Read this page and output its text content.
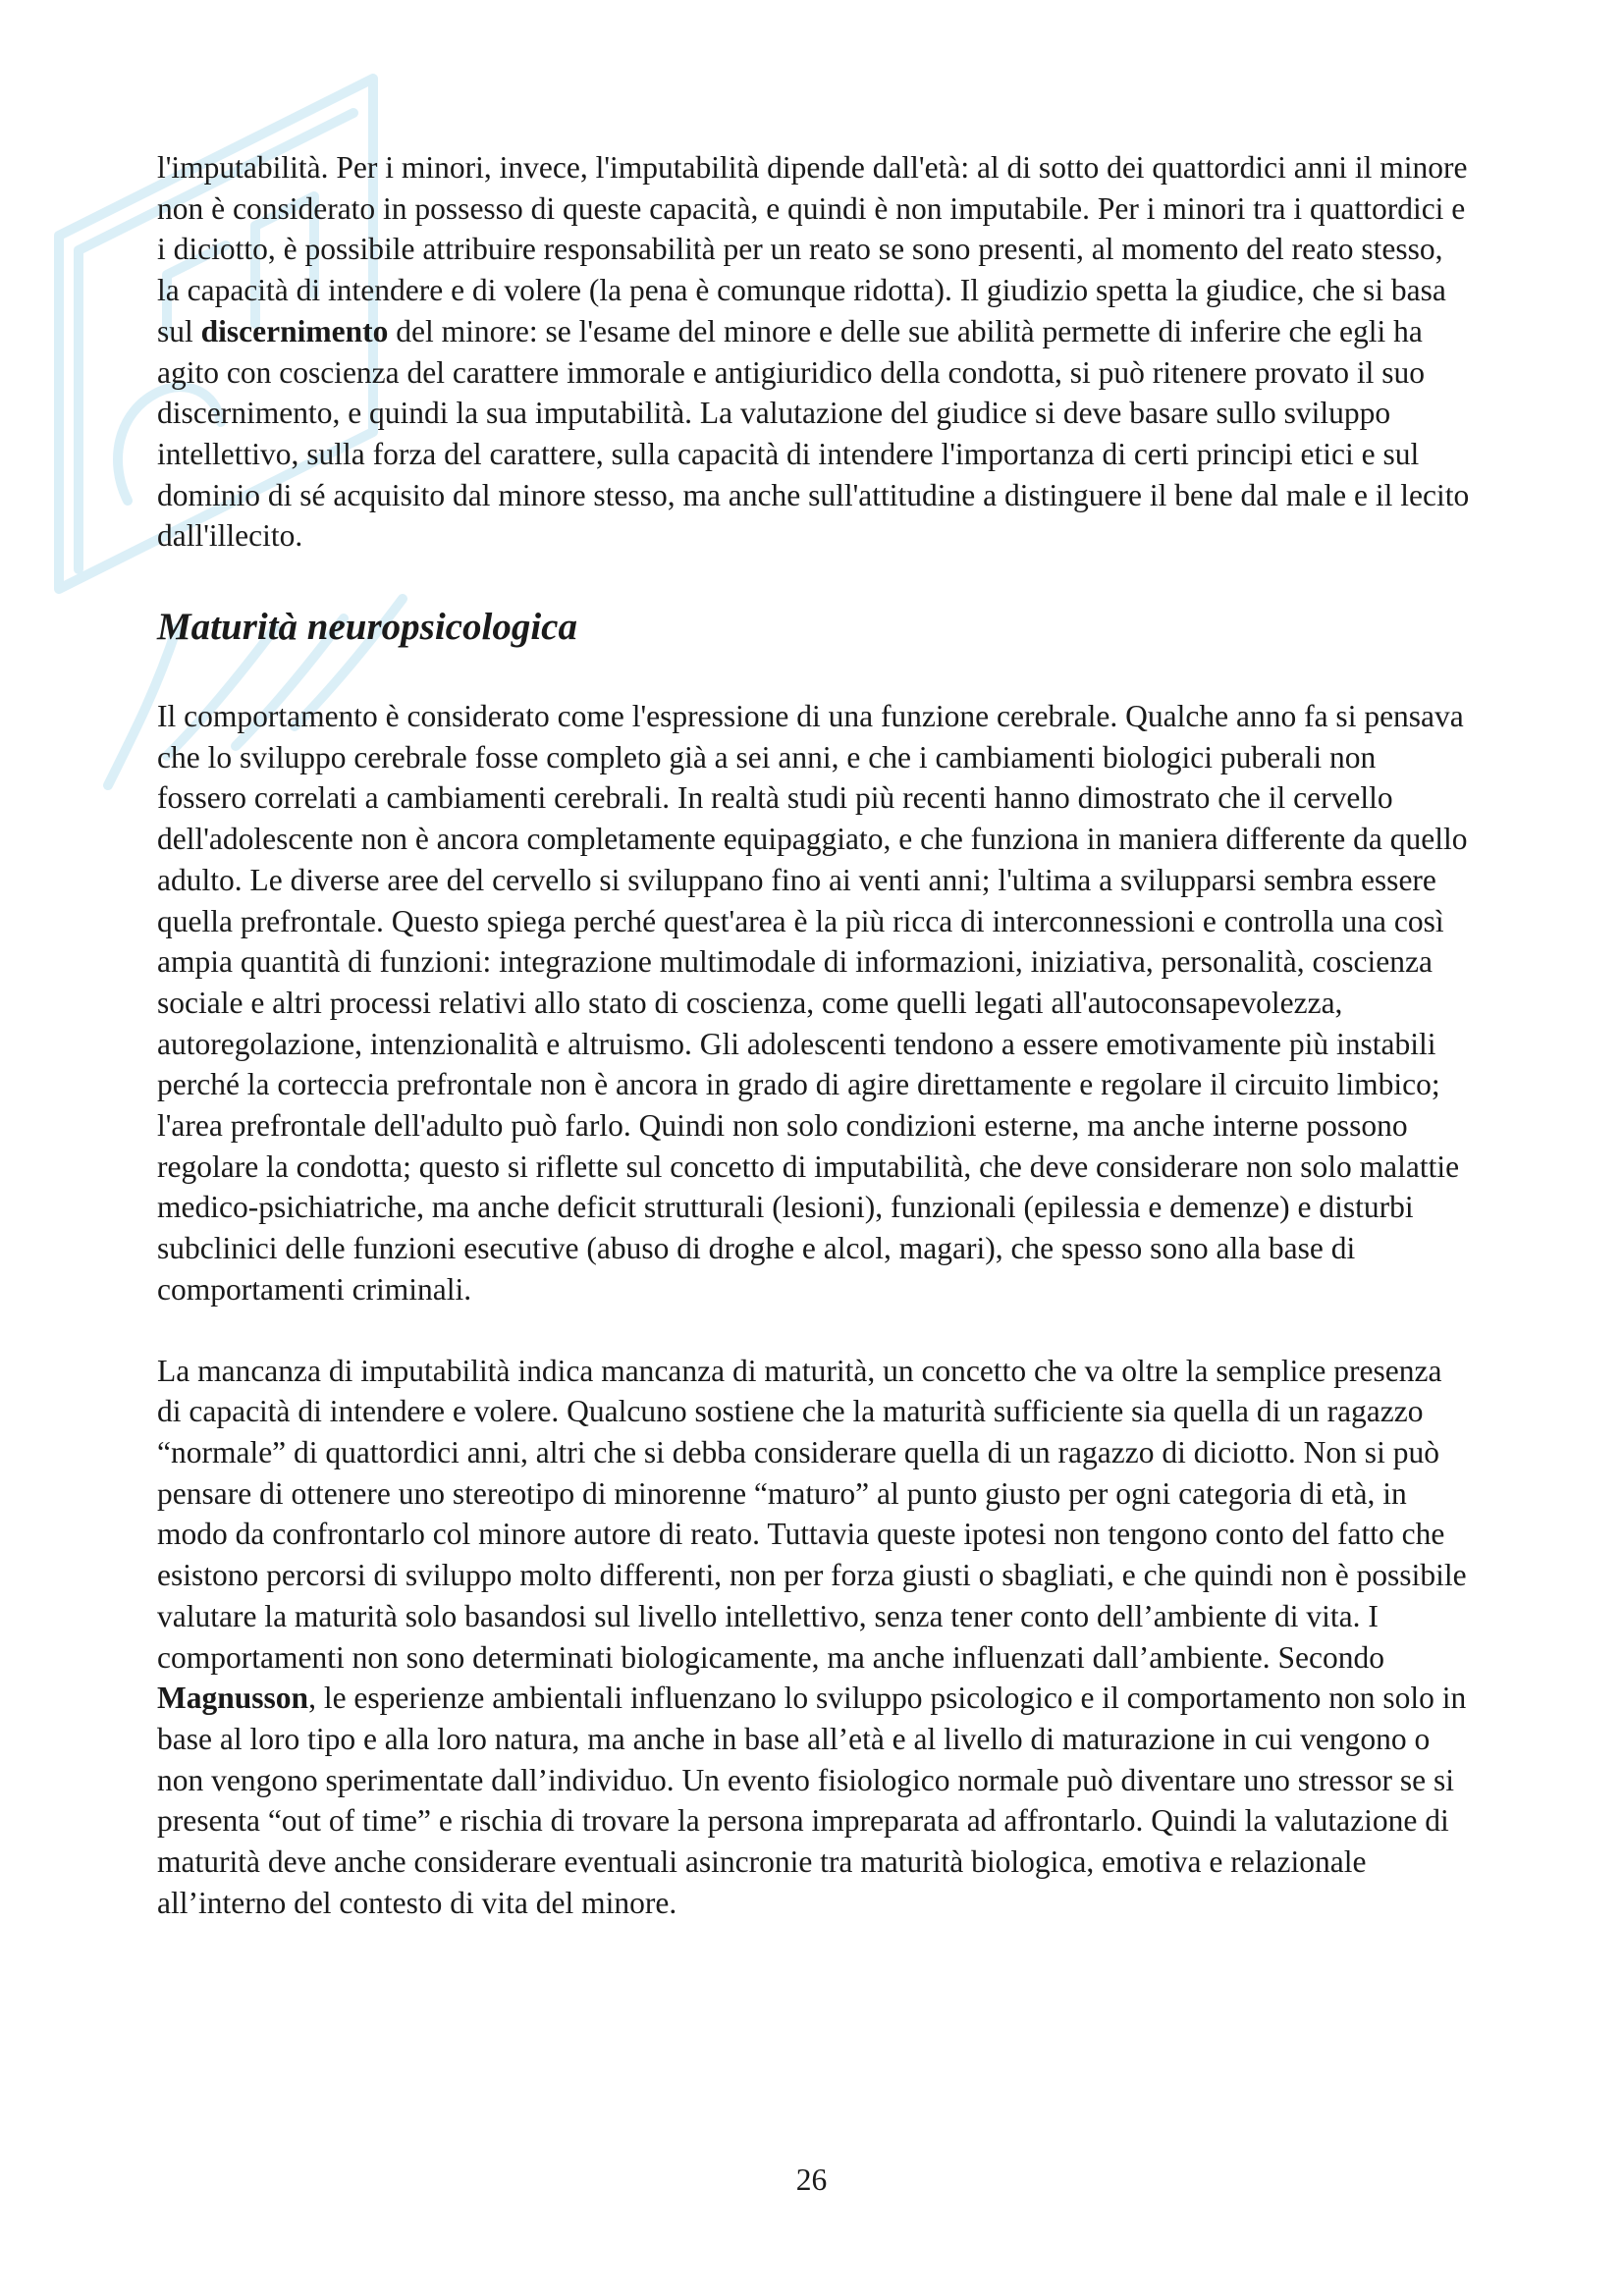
l'imputabilità. Per i minori, invece, l'imputabilità dipende dall'età: al di sotto dei quattordici anni il minore non è considerato in possesso di queste capacità, e quindi è non imputabile. Per i minori tra i quattordici e i diciotto, è possibile attribuire responsabilità per un reato se sono presenti, al momento del reato stesso, la capacità di intendere e di volere (la pena è comunque ridotta). Il giudizio spetta la giudice, che si basa sul discernimento del minore: se l'esame del minore e delle sue abilità permette di inferire che egli ha agito con coscienza del carattere immorale e antigiuridico della condotta, si può ritenere provato il suo discernimento, e quindi la sua imputabilità. La valutazione del giudice si deve basare sullo sviluppo intellettivo, sulla forza del carattere, sulla capacità di intendere l'importanza di certi principi etici e sul dominio di sé acquisito dal minore stesso, ma anche sull'attitudine a distinguere il bene dal male e il lecito dall'illecito.

Maturità neuropsicologica

Il comportamento è considerato come l'espressione di una funzione cerebrale. Qualche anno fa si pensava che lo sviluppo cerebrale fosse completo già a sei anni, e che i cambiamenti biologici puberali non fossero correlati a cambiamenti cerebrali. In realtà studi più recenti hanno dimostrato che il cervello dell'adolescente non è ancora completamente equipaggiato, e che funziona in maniera differente da quello adulto. Le diverse aree del cervello si sviluppano fino ai venti anni; l'ultima a svilupparsi sembra essere quella prefrontale. Questo spiega perché quest'area è la più ricca di interconnessioni e controlla una così ampia quantità di funzioni: integrazione multimodale di informazioni, iniziativa, personalità, coscienza sociale e altri processi relativi allo stato di coscienza, come quelli legati all'autoconsapevolezza, autoregolazione, intenzionalità e altruismo. Gli adolescenti tendono a essere emotivamente più instabili perché la corteccia prefrontale non è ancora in grado di agire direttamente e regolare il circuito limbico; l'area prefrontale dell'adulto può farlo. Quindi non solo condizioni esterne, ma anche interne possono regolare la condotta; questo si riflette sul concetto di imputabilità, che deve considerare non solo malattie medico-psichiatriche, ma anche deficit strutturali (lesioni), funzionali (epilessia e demenze) e disturbi subclinici delle funzioni esecutive (abuso di droghe e alcol, magari), che spesso sono alla base di comportamenti criminali.

La mancanza di imputabilità indica mancanza di maturità, un concetto che va oltre la semplice presenza di capacità di intendere e volere. Qualcuno sostiene che la maturità sufficiente sia quella di un ragazzo “normale” di quattordici anni, altri che si debba considerare quella di un ragazzo di diciotto. Non si può pensare di ottenere uno stereotipo di minorenne “maturo” al punto giusto per ogni categoria di età, in modo da confrontarlo col minore autore di reato. Tuttavia queste ipotesi non tengono conto del fatto che esistono percorsi di sviluppo molto differenti, non per forza giusti o sbagliati, e che quindi non è possibile valutare la maturità solo basandosi sul livello intellettivo, senza tener conto dell’ambiente di vita. I comportamenti non sono determinati biologicamente, ma anche influenzati dall’ambiente. Secondo Magnusson, le esperienze ambientali influenzano lo sviluppo psicologico e il comportamento non solo in base al loro tipo e alla loro natura, ma anche in base all’età e al livello di maturazione in cui vengono o non vengono sperimentate dall’individuo. Un evento fisiologico normale può diventare uno stressor se si presenta “out of time” e rischia di trovare la persona impreparata ad affrontarlo. Quindi la valutazione di maturità deve anche considerare eventuali asincronie tra maturità biologica, emotiva e relazionale all’interno del contesto di vita del minore.

26
